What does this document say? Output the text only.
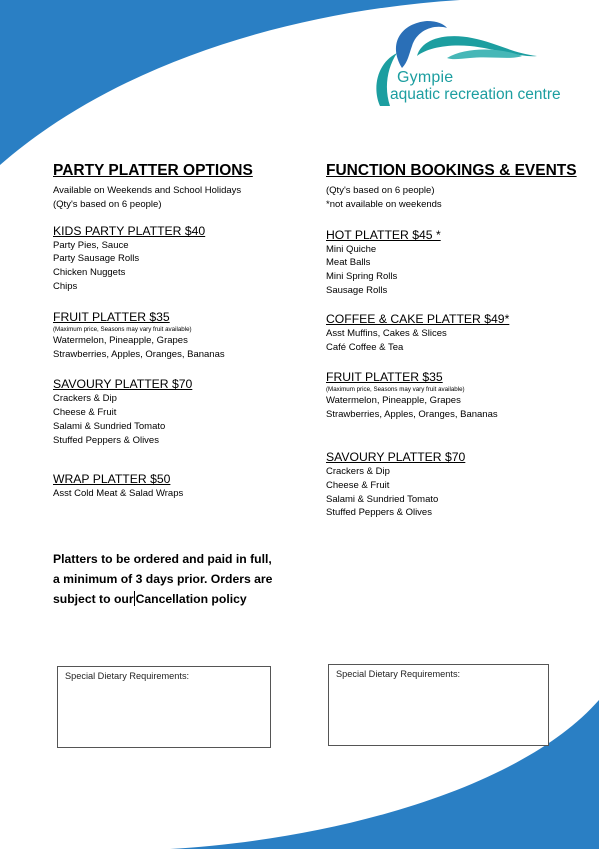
Gympie
aquatic recreation centre
PARTY PLATTER OPTIONS
Available on Weekends and School Holidays
(Qty's based on 6 people)
KIDS PARTY PLATTER $40
Party Pies, Sauce
Party Sausage Rolls
Chicken Nuggets
Chips
FRUIT PLATTER $35
(Maximum price, Seasons may vary fruit available)
Watermelon, Pineapple, Grapes
Strawberries, Apples, Oranges, Bananas
SAVOURY PLATTER $70
Crackers & Dip
Cheese & Fruit
Salami & Sundried Tomato
Stuffed Peppers & Olives
WRAP PLATTER $50
Asst Cold Meat & Salad Wraps
FUNCTION BOOKINGS & EVENTS
(Qty's based on 6 people)
*not available on weekends
HOT PLATTER $45 *
Mini Quiche
Meat Balls
Mini Spring Rolls
Sausage Rolls
COFFEE & CAKE PLATTER $49*
Asst Muffins, Cakes & Slices
Café Coffee & Tea
FRUIT PLATTER $35
(Maximum price, Seasons may vary fruit available)
Watermelon, Pineapple, Grapes
Strawberries, Apples, Oranges, Bananas
SAVOURY PLATTER $70
Crackers & Dip
Cheese & Fruit
Salami & Sundried Tomato
Stuffed Peppers & Olives
Platters to be ordered and paid in full,
a minimum of 3 days prior. Orders are
subject to our Cancellation policy
Special Dietary Requirements:	Special Dietary Requirements:
